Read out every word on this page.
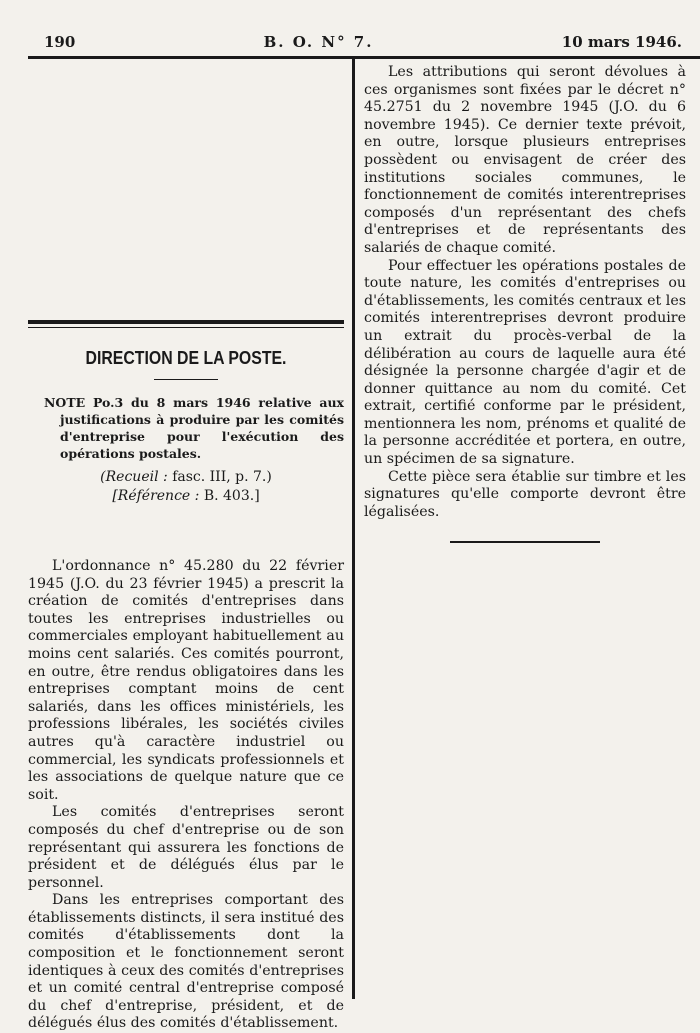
190	B. O. N° 7.	10 mars 1946.
DIRECTION DE LA POSTE.
NOTE Po.3 du 8 mars 1946 relative aux justifications à produire par les comités d'entreprise pour l'exécution des opérations postales.
(Recueil : fasc. III, p. 7.)
[Référence : B. 403.]

L'ordonnance n° 45.280 du 22 février 1945 (J.O. du 23 février 1945) a prescrit la création de comités d'entreprises dans toutes les entreprises industrielles ou commerciales employant habituellement au moins cent salariés. Ces comités pourront, en outre, être rendus obligatoires dans les entreprises comptant moins de cent salariés, dans les offices ministériels, les professions libérales, les sociétés civiles autres qu'à caractère industriel ou commercial, les syndicats professionnels et les associations de quelque nature que ce soit.

Les comités d'entreprises seront composés du chef d'entreprise ou de son représentant qui assurera les fonctions de président et de délégués élus par le personnel.

Dans les entreprises comportant des établissements distincts, il sera institué des comités d'établissements dont la composition et le fonctionnement seront identiques à ceux des comités d'entreprises et un comité central d'entreprise composé du chef d'entreprise, président, et de délégués élus des comités d'établissement.

Les attributions qui seront dévolues à ces organismes sont fixées par le décret n° 45.2751 du 2 novembre 1945 (J.O. du 6 novembre 1945). Ce dernier texte prévoit, en outre, lorsque plusieurs entreprises possèdent ou envisagent de créer des institutions sociales communes, le fonctionnement de comités interentreprises composés d'un représentant des chefs d'entreprises et de représentants des salariés de chaque comité.

Pour effectuer les opérations postales de toute nature, les comités d'entreprises ou d'établissements, les comités centraux et les comités interentreprises devront produire un extrait du procès-verbal de la délibération au cours de laquelle aura été désignée la personne chargée d'agir et de donner quittance au nom du comité. Cet extrait, certifié conforme par le président, mentionnera les nom, prénoms et qualité de la personne accréditée et portera, en outre, un spécimen de sa signature.

Cette pièce sera établie sur timbre et les signatures qu'elle comporte devront être légalisées.
